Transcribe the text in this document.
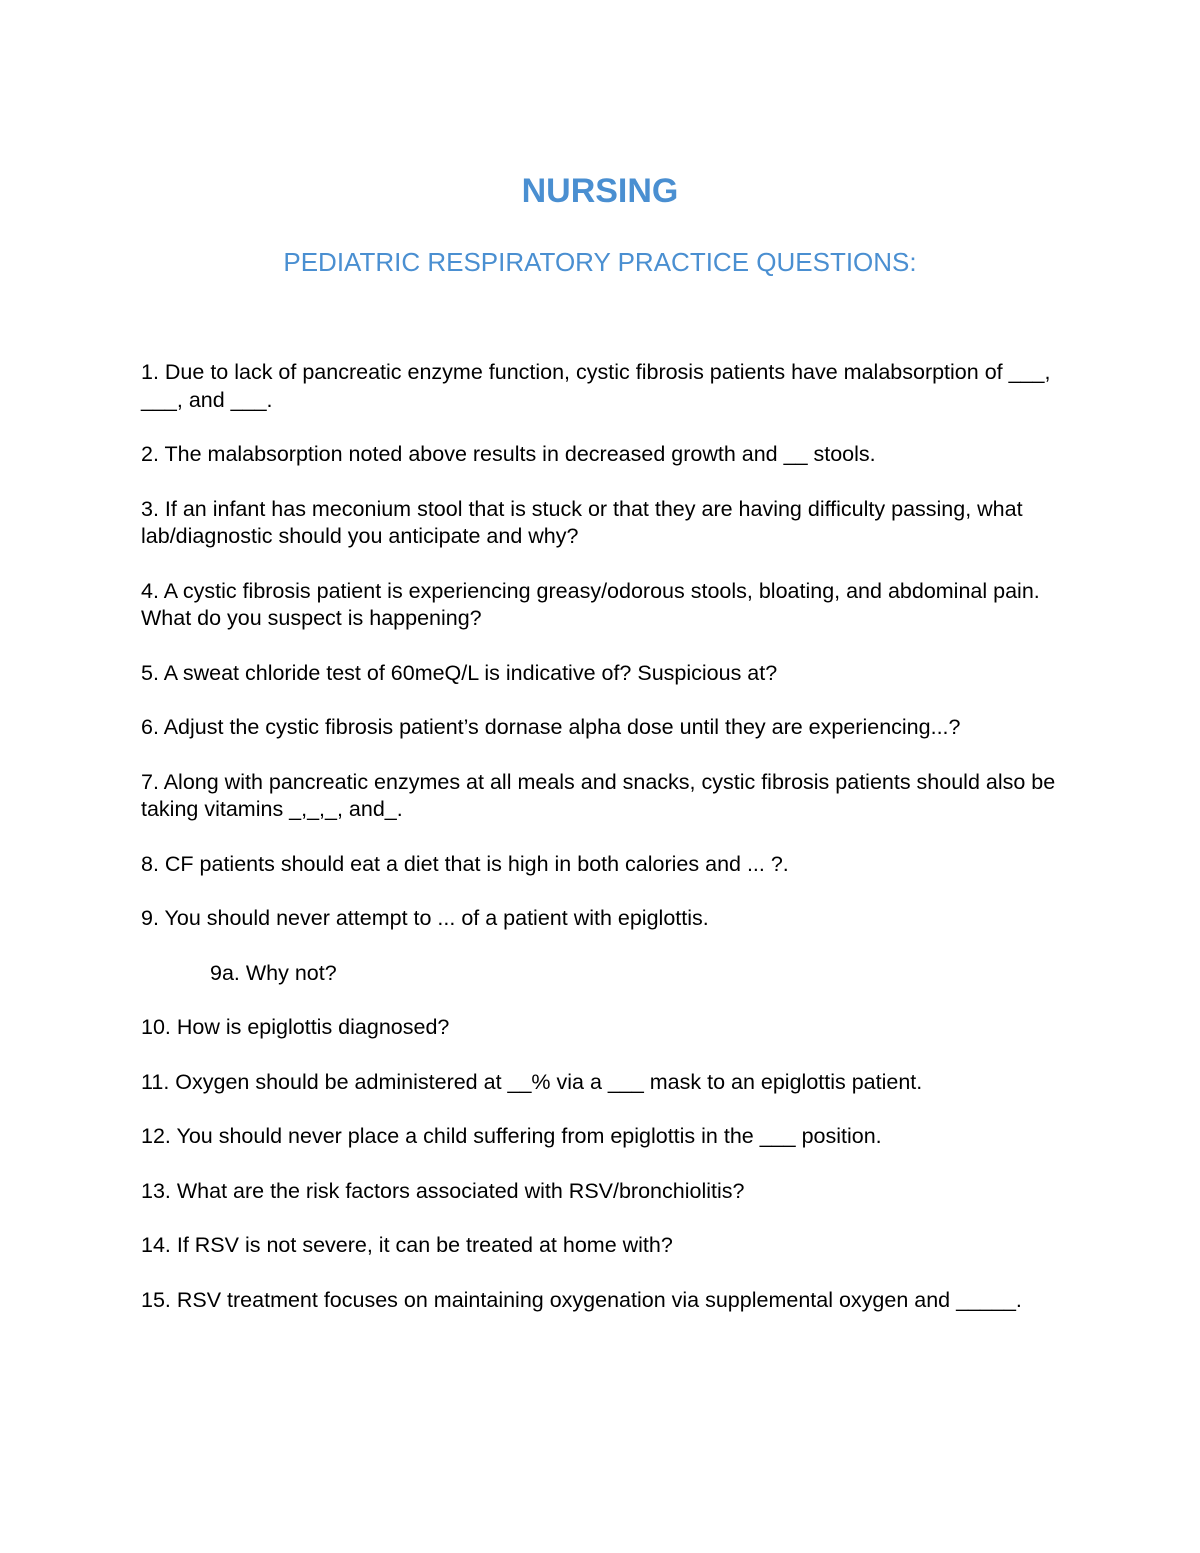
NURSING
PEDIATRIC RESPIRATORY PRACTICE QUESTIONS:
1. Due to lack of pancreatic enzyme function, cystic fibrosis patients have malabsorption of ___, ___, and ___.
2. The malabsorption noted above results in decreased growth and __ stools.
3. If an infant has meconium stool that is stuck or that they are having difficulty passing, what lab/diagnostic should you anticipate and why?
4. A cystic fibrosis patient is experiencing greasy/odorous stools, bloating, and abdominal pain. What do you suspect is happening?
5. A sweat chloride test of 60meQ/L is indicative of? Suspicious at?
6. Adjust the cystic fibrosis patient’s dornase alpha dose until they are experiencing...?
7. Along with pancreatic enzymes at all meals and snacks, cystic fibrosis patients should also be taking vitamins _,_,_, and_.
8. CF patients should eat a diet that is high in both calories and ... ?.
9. You should never attempt to ... of a patient with epiglottis.
9a. Why not?
10. How is epiglottis diagnosed?
11. Oxygen should be administered at __% via a ___ mask to an epiglottis patient.
12. You should never place a child suffering from epiglottis in the ___ position.
13. What are the risk factors associated with RSV/bronchiolitis?
14. If RSV is not severe, it can be treated at home with?
15. RSV treatment focuses on maintaining oxygenation via supplemental oxygen and _____.
